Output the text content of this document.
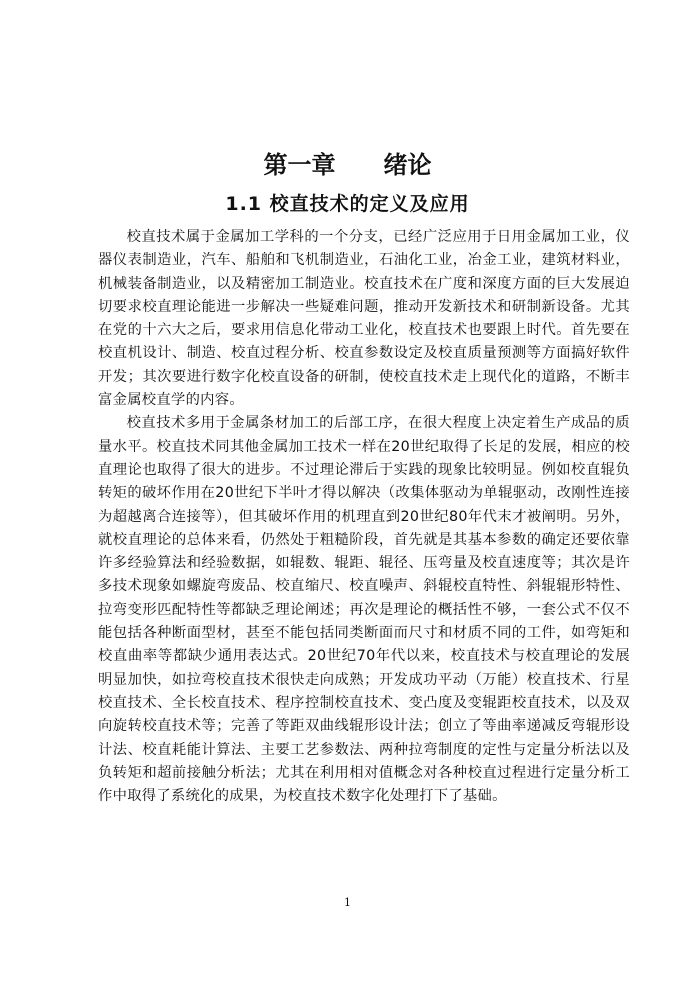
第一章 绪论
1.1 校直技术的定义及应用

校直技术属于金属加工学科的一个分支，已经广泛应用于日用金属加工业，仪器仪表制造业，汽车、船舶和飞机制造业，石油化工业，冶金工业，建筑材料业，机械装备制造业，以及精密加工制造业。校直技术在广度和深度方面的巨大发展迫切要求校直理论能进一步解决一些疑难问题，推动开发新技术和研制新设备。尤其在党的十六大之后，要求用信息化带动工业化，校直技术也要跟上时代。首先要在校直机设计、制造、校直过程分析、校直参数设定及校直质量预测等方面搞好软件开发；其次要进行数字化校直设备的研制，使校直技术走上现代化的道路，不断丰富金属校直学的内容。

校直技术多用于金属条材加工的后部工序，在很大程度上决定着生产成品的质量水平。校直技术同其他金属加工技术一样在20世纪取得了长足的发展，相应的校直理论也取得了很大的进步。不过理论滞后于实践的现象比较明显。例如校直辊负转矩的破坏作用在20世纪下半叶才得以解决（改集体驱动为单辊驱动，改刚性连接为超越离合连接等），但其破坏作用的机理直到20世纪80年代末才被阐明。另外，就校直理论的总体来看，仍然处于粗糙阶段，首先就是其基本参数的确定还要依靠许多经验算法和经验数据，如辊数、辊距、辊径、压弯量及校直速度等；其次是许多技术现象如螺旋弯废品、校直缩尺、校直噪声、斜辊校直特性、斜辊辊形特性、拉弯变形匹配特性等都缺乏理论阐述；再次是理论的概括性不够，一套公式不仅不能包括各种断面型材，甚至不能包括同类断面而尺寸和材质不同的工件，如弯矩和校直曲率等都缺少通用表达式。20世纪70年代以来，校直技术与校直理论的发展明显加快，如拉弯校直技术很快走向成熟；开发成功平动（万能）校直技术、行星校直技术、全长校直技术、程序控制校直技术、变凸度及变辊距校直技术，以及双向旋转校直技术等；完善了等距双曲线辊形设计法；创立了等曲率递减反弯辊形设计法、校直耗能计算法、主要工艺参数法、两种拉弯制度的定性与定量分析法以及负转矩和超前接触分析法；尤其在利用相对值概念对各种校直过程进行定量分析工作中取得了系统化的成果，为校直技术数字化处理打下了基础。

1
